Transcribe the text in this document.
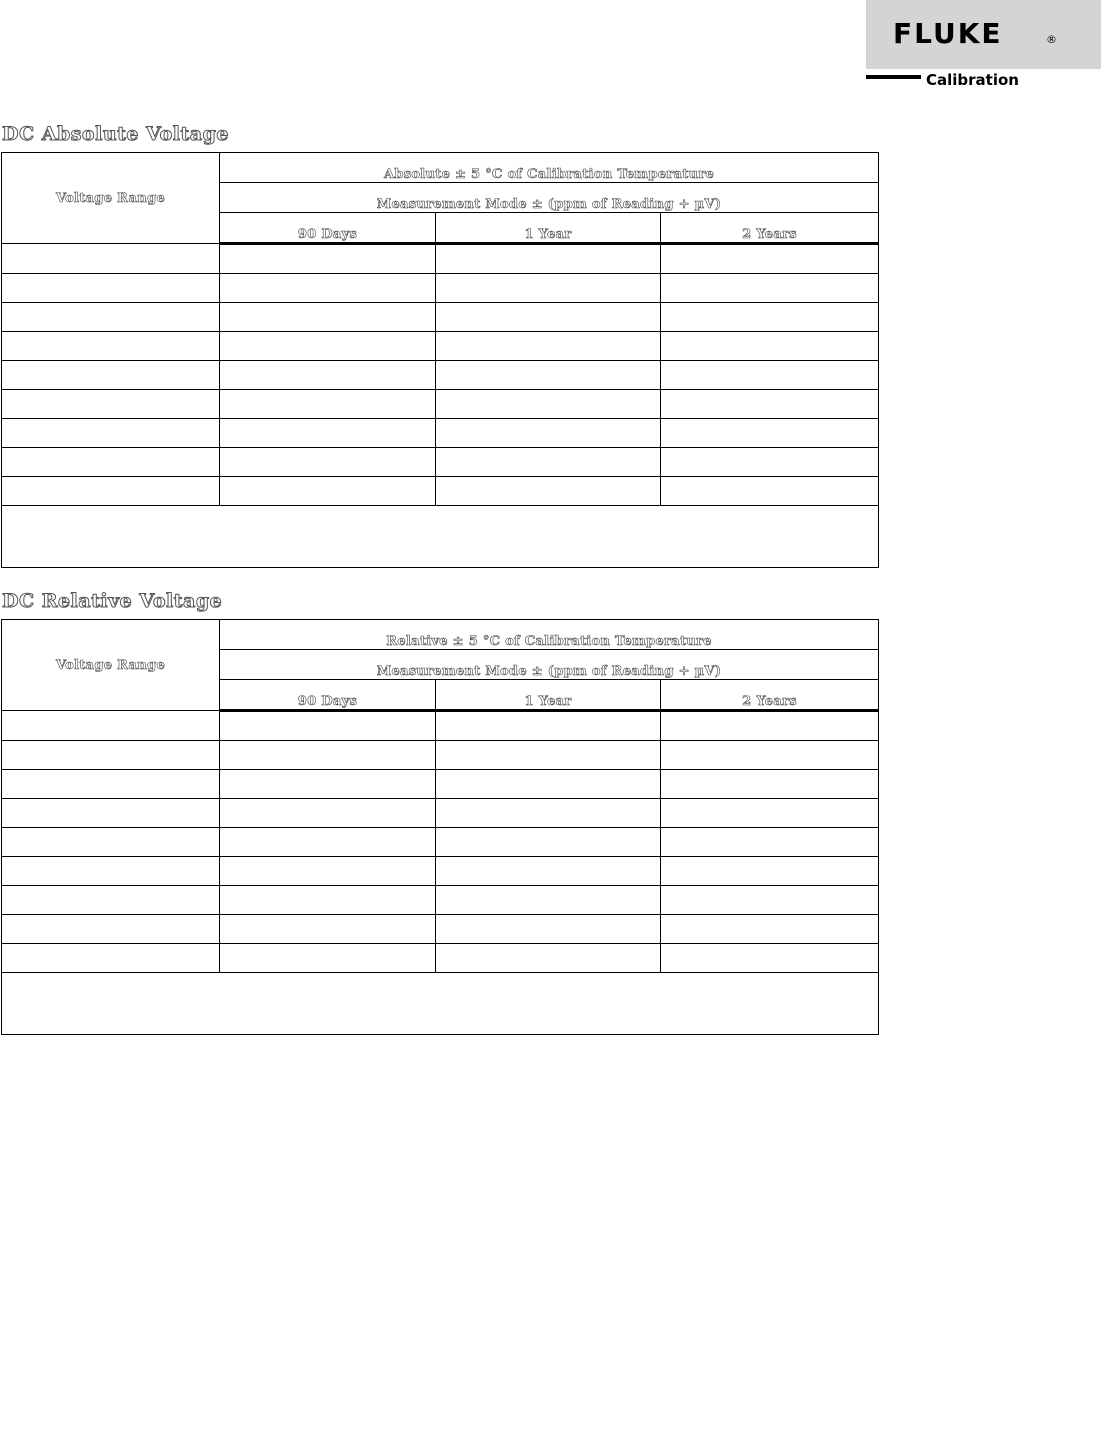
FLUKE	®
Calibration
DC Absolute Voltage
Voltage Range	Absolute ± 5 °C of Calibration Temperature		
	Measurement Mode ± (ppm of Reading + µV)		
	90 Days	1 Year	2 Years

DC Relative Voltage
Voltage Range	Relative ± 5 °C of Calibration Temperature		
	Measurement Mode ± (ppm of Reading + µV)		
	90 Days	1 Year	2 Years
